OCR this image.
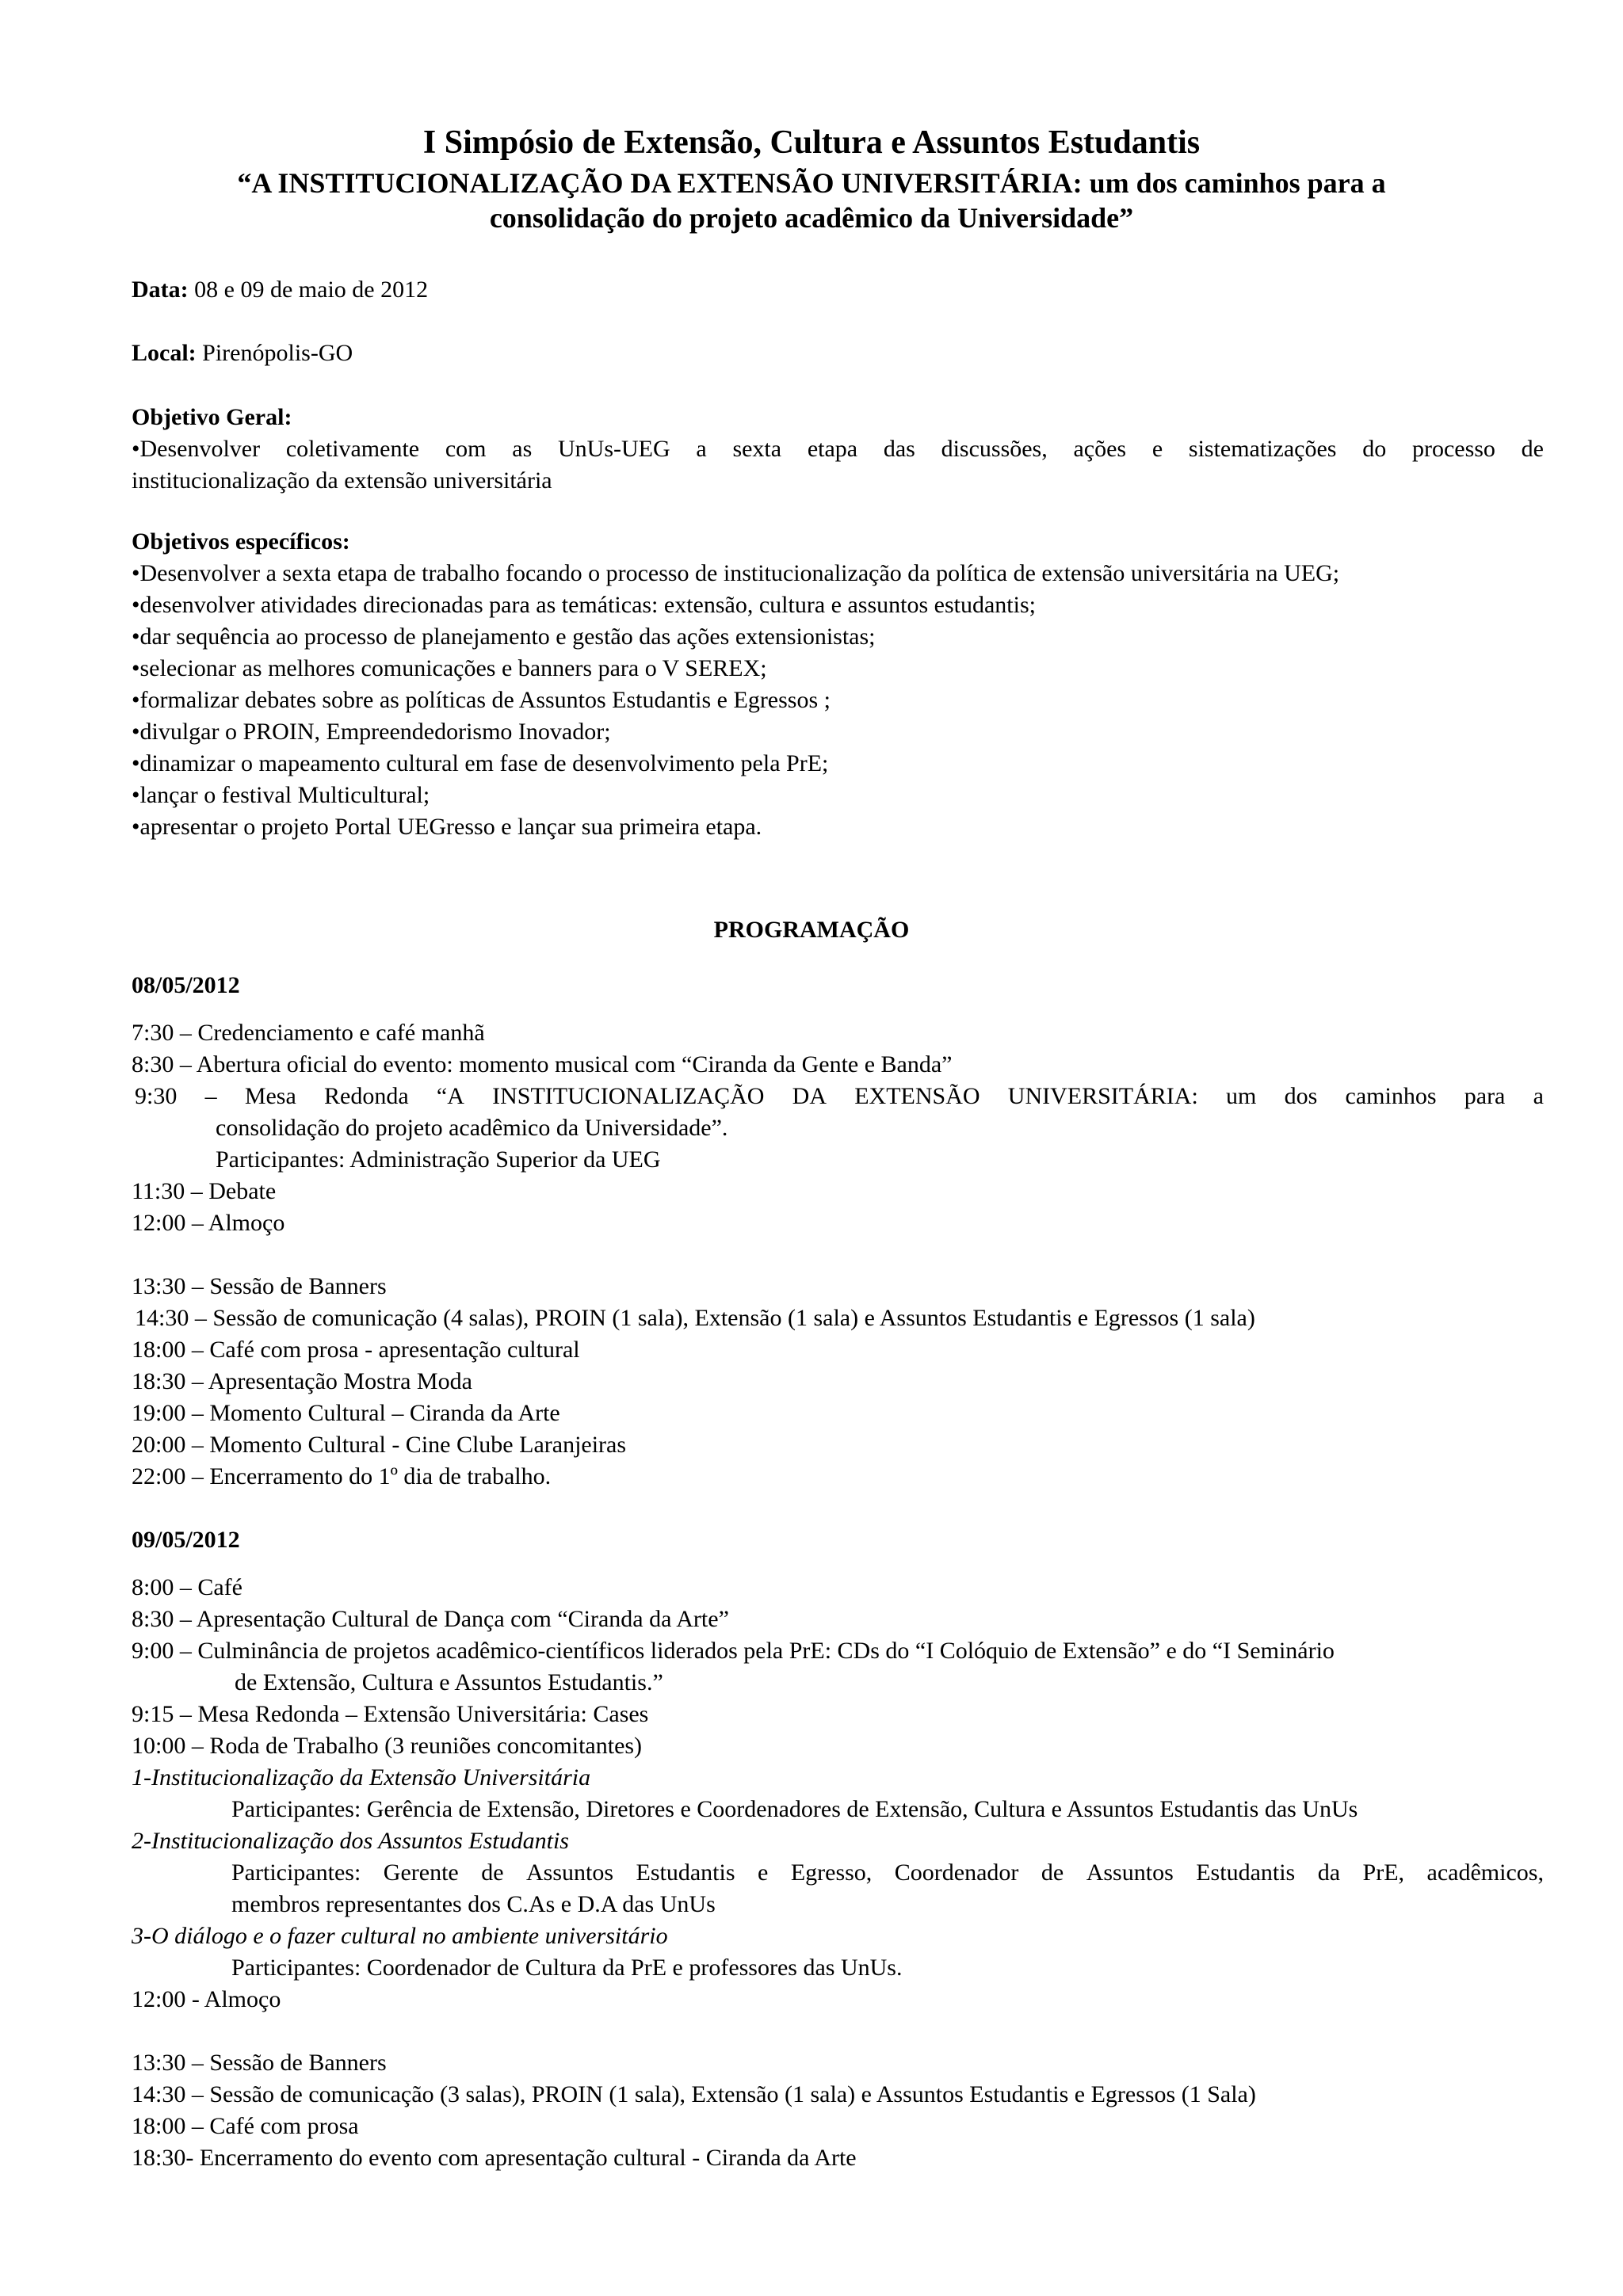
I Simpósio de Extensão, Cultura e Assuntos Estudantis
“A INSTITUCIONALIZAÇÃO DA EXTENSÃO UNIVERSITÁRIA: um dos caminhos para a
consolidação do projeto acadêmico da Universidade”
Data: 08 e 09 de maio de 2012
Local: Pirenópolis-GO
Objetivo Geral:
•Desenvolver coletivamente com as UnUs-UEG a sexta etapa das discussões, ações e sistematizações do processo de
institucionalização da extensão universitária
Objetivos específicos:
•Desenvolver a sexta etapa de trabalho focando o processo de institucionalização da política de extensão universitária na UEG;
•desenvolver atividades direcionadas para as temáticas: extensão, cultura e assuntos estudantis;
•dar sequência ao processo de planejamento e gestão das ações extensionistas;
•selecionar as melhores comunicações e banners para o V SEREX;
•formalizar debates sobre as políticas de Assuntos Estudantis e Egressos ;
•divulgar o PROIN, Empreendedorismo Inovador;
•dinamizar o mapeamento cultural em fase de desenvolvimento pela PrE;
•lançar o festival Multicultural;
•apresentar o projeto Portal UEGresso e lançar sua primeira etapa.
PROGRAMAÇÃO
08/05/2012
7:30 – Credenciamento e café manhã
8:30 – Abertura oficial do evento: momento musical com “Ciranda da Gente e Banda”
9:30 – Mesa Redonda “A INSTITUCIONALIZAÇÃO DA EXTENSÃO UNIVERSITÁRIA: um dos caminhos para a
consolidação do projeto acadêmico da Universidade”.
Participantes: Administração Superior da UEG
11:30 – Debate
12:00 – Almoço
13:30 – Sessão de Banners
14:30 – Sessão de comunicação (4 salas), PROIN (1 sala), Extensão (1 sala) e Assuntos Estudantis e Egressos (1 sala)
18:00 – Café com prosa - apresentação cultural
18:30 – Apresentação Mostra Moda
19:00 – Momento Cultural – Ciranda da Arte
20:00 – Momento Cultural - Cine Clube Laranjeiras
22:00 – Encerramento do 1º dia de trabalho.
09/05/2012
8:00 – Café
8:30 – Apresentação Cultural de Dança com “Ciranda da Arte”
9:00 – Culminância de projetos acadêmico-científicos liderados pela PrE: CDs do “I Colóquio de Extensão” e do “I Seminário
de Extensão, Cultura e Assuntos Estudantis.”
9:15 – Mesa Redonda – Extensão Universitária: Cases
10:00 – Roda de Trabalho (3 reuniões concomitantes)
1-Institucionalização da Extensão Universitária
Participantes: Gerência de Extensão, Diretores e Coordenadores de Extensão, Cultura e Assuntos Estudantis das UnUs
2-Institucionalização dos Assuntos Estudantis
Participantes: Gerente de Assuntos Estudantis e Egresso, Coordenador de Assuntos Estudantis da PrE, acadêmicos,
membros representantes dos C.As e D.A das UnUs
3-O diálogo e o fazer cultural no ambiente universitário
Participantes: Coordenador de Cultura da PrE e professores das UnUs.
12:00 - Almoço
13:30 – Sessão de Banners
14:30 – Sessão de comunicação (3 salas), PROIN (1 sala), Extensão (1 sala) e Assuntos Estudantis e Egressos (1 Sala)
18:00 – Café com prosa
18:30- Encerramento do evento com apresentação cultural - Ciranda da Arte
